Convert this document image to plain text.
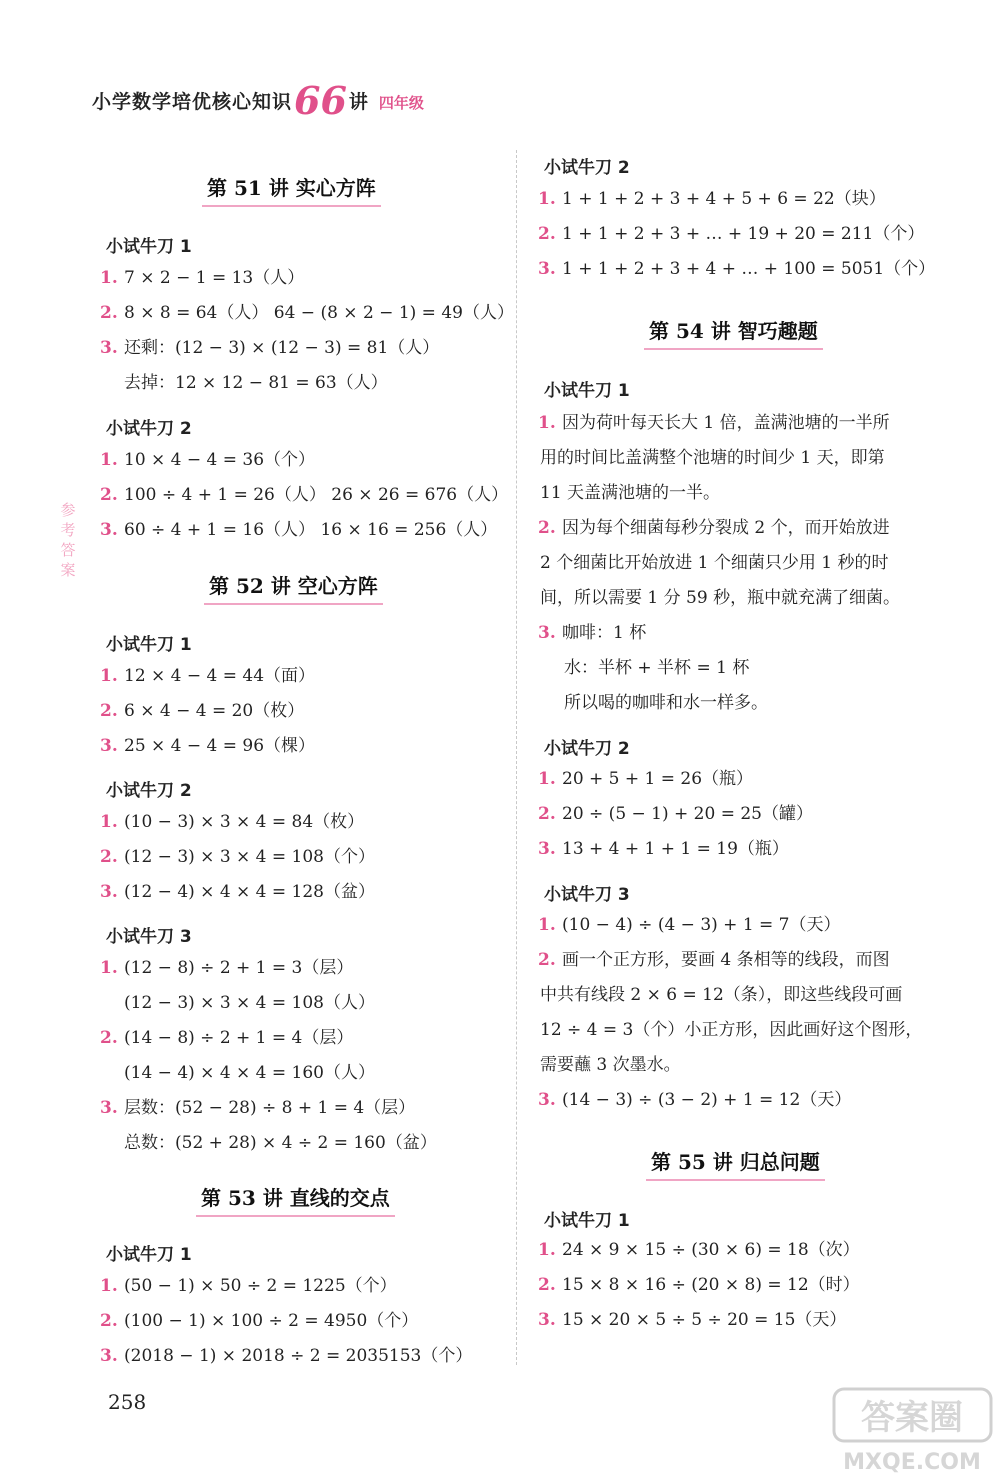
小学数学培优核心知识 66 讲 四年级
参考答案
第 51 讲 实心方阵
小试牛刀 1
1. 7 × 2 − 1 = 13（人）
2. 8 × 8 = 64（人） 64 − (8 × 2 − 1) = 49（人）
3. 还剩：(12 − 3) × (12 − 3) = 81（人）
去掉：12 × 12 − 81 = 63（人）
小试牛刀 2
1. 10 × 4 − 4 = 36（个）
2. 100 ÷ 4 + 1 = 26（人） 26 × 26 = 676（人）
3. 60 ÷ 4 + 1 = 16（人） 16 × 16 = 256（人）
第 52 讲 空心方阵
小试牛刀 1
1. 12 × 4 − 4 = 44（面）
2. 6 × 4 − 4 = 20（枚）
3. 25 × 4 − 4 = 96（棵）
小试牛刀 2
1. (10 − 3) × 3 × 4 = 84（枚）
2. (12 − 3) × 3 × 4 = 108（个）
3. (12 − 4) × 4 × 4 = 128（盆）
小试牛刀 3
1. (12 − 8) ÷ 2 + 1 = 3（层）
(12 − 3) × 3 × 4 = 108（人）
2. (14 − 8) ÷ 2 + 1 = 4（层）
(14 − 4) × 4 × 4 = 160（人）
3. 层数：(52 − 28) ÷ 8 + 1 = 4（层）
总数：(52 + 28) × 4 ÷ 2 = 160（盆）
第 53 讲 直线的交点
小试牛刀 1
1. (50 − 1) × 50 ÷ 2 = 1225（个）
2. (100 − 1) × 100 ÷ 2 = 4950（个）
3. (2018 − 1) × 2018 ÷ 2 = 2035153（个）
小试牛刀 2
1. 1 + 1 + 2 + 3 + 4 + 5 + 6 = 22（块）
2. 1 + 1 + 2 + 3 + … + 19 + 20 = 211（个）
3. 1 + 1 + 2 + 3 + 4 + … + 100 = 5051（个）
第 54 讲 智巧趣题
小试牛刀 1
1. 因为荷叶每天长大 1 倍，盖满池塘的一半所
用的时间比盖满整个池塘的时间少 1 天，即第
11 天盖满池塘的一半。
2. 因为每个细菌每秒分裂成 2 个，而开始放进
2 个细菌比开始放进 1 个细菌只少用 1 秒的时
间，所以需要 1 分 59 秒，瓶中就充满了细菌。
3. 咖啡：1 杯
水：半杯 + 半杯 = 1 杯
所以喝的咖啡和水一样多。
小试牛刀 2
1. 20 + 5 + 1 = 26（瓶）
2. 20 ÷ (5 − 1) + 20 = 25（罐）
3. 13 + 4 + 1 + 1 = 19（瓶）
小试牛刀 3
1. (10 − 4) ÷ (4 − 3) + 1 = 7（天）
2. 画一个正方形，要画 4 条相等的线段，而图
中共有线段 2 × 6 = 12（条），即这些线段可画
12 ÷ 4 = 3（个）小正方形，因此画好这个图形，
需要蘸 3 次墨水。
3. (14 − 3) ÷ (3 − 2) + 1 = 12（天）
第 55 讲 归总问题
小试牛刀 1
1. 24 × 9 × 15 ÷ (30 × 6) = 18（次）
2. 15 × 8 × 16 ÷ (20 × 8) = 12（时）
3. 15 × 20 × 5 ÷ 5 ÷ 20 = 15（天）
258	答案圈
MXQE.COM
